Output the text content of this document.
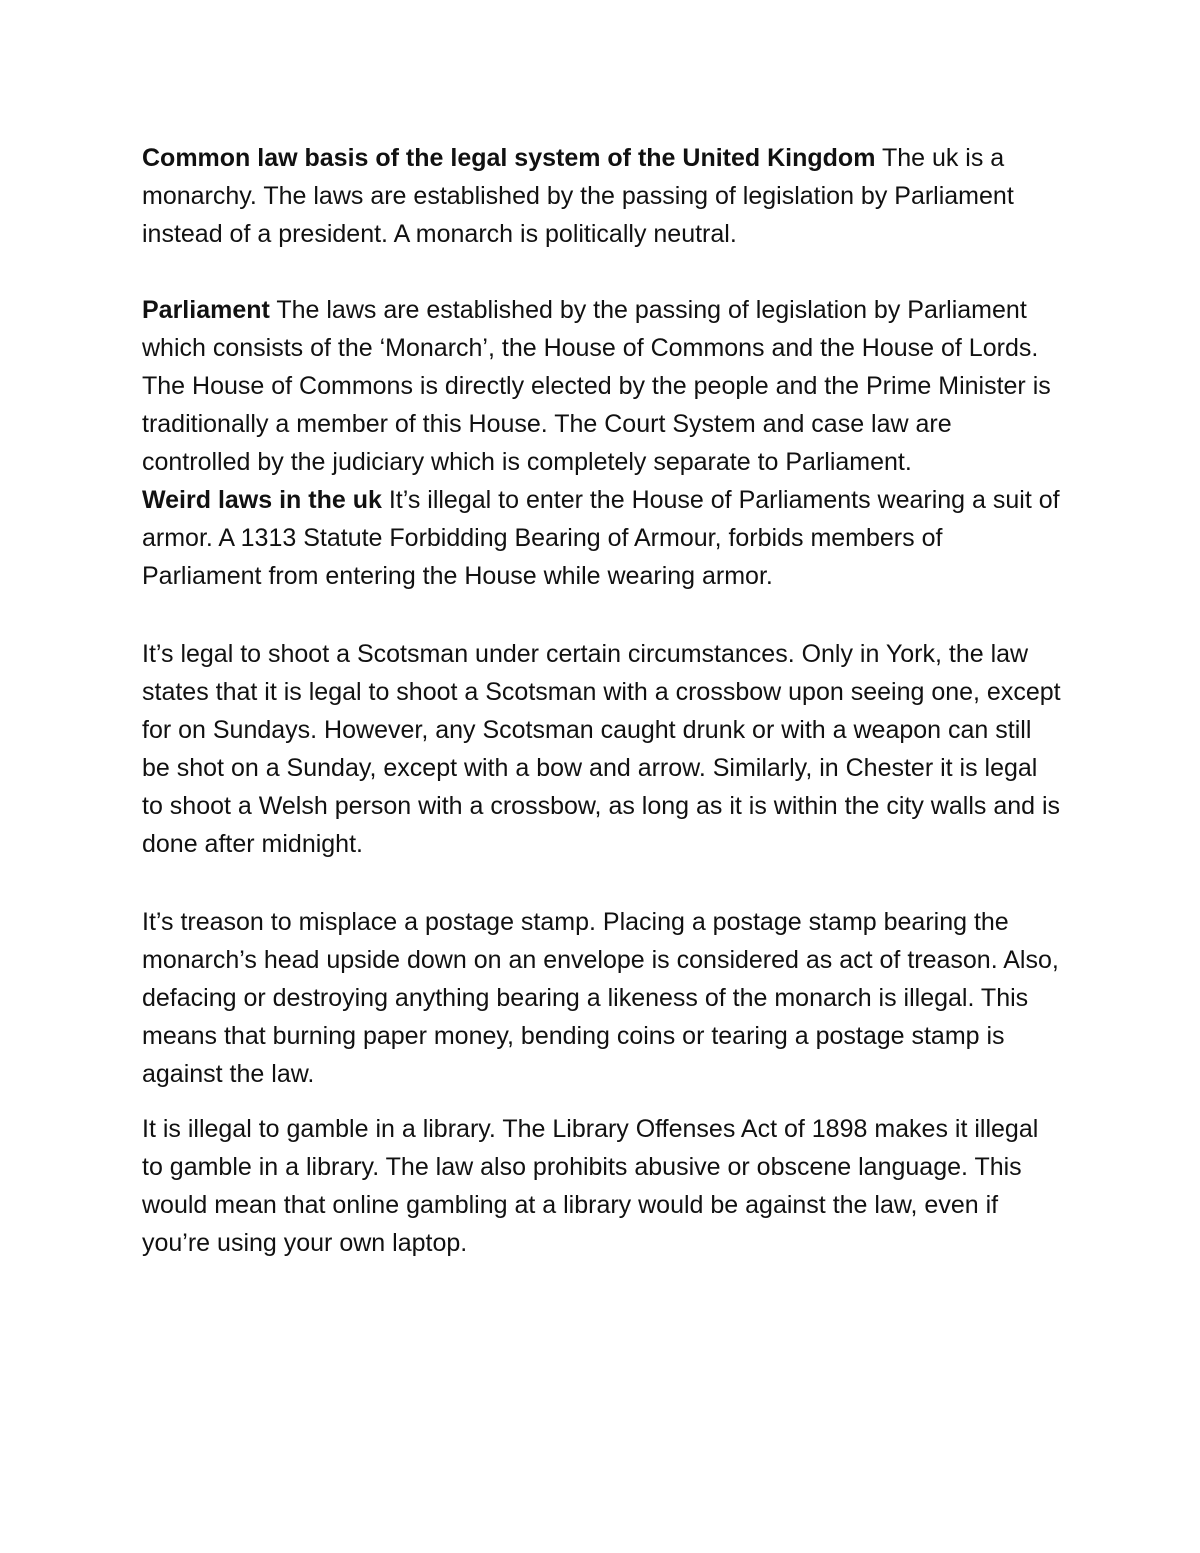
Common law basis of the legal system of the United Kingdom The uk is a monarchy. The laws are established by the passing of legislation by Parliament instead of a president. A monarch is politically neutral.

Parliament The laws are established by the passing of legislation by Parliament which consists of the ‘Monarch’, the House of Commons and the House of Lords. The House of Commons is directly elected by the people and the Prime Minister is traditionally a member of this House. The Court System and case law are controlled by the judiciary which is completely separate to Parliament.

Weird laws in the uk It’s illegal to enter the House of Parliaments wearing a suit of armor. A 1313 Statute Forbidding Bearing of Armour, forbids members of Parliament from entering the House while wearing armor.

It’s legal to shoot a Scotsman under certain circumstances. Only in York, the law states that it is legal to shoot a Scotsman with a crossbow upon seeing one, except for on Sundays. However, any Scotsman caught drunk or with a weapon can still be shot on a Sunday, except with a bow and arrow. Similarly, in Chester it is legal to shoot a Welsh person with a crossbow, as long as it is within the city walls and is done after midnight.

It’s treason to misplace a postage stamp. Placing a postage stamp bearing the monarch’s head upside down on an envelope is considered as act of treason. Also, defacing or destroying anything bearing a likeness of the monarch is illegal. This means that burning paper money, bending coins or tearing a postage stamp is against the law.

It is illegal to gamble in a library. The Library Offenses Act of 1898 makes it illegal to gamble in a library. The law also prohibits abusive or obscene language. This would mean that online gambling at a library would be against the law, even if you’re using your own laptop.
